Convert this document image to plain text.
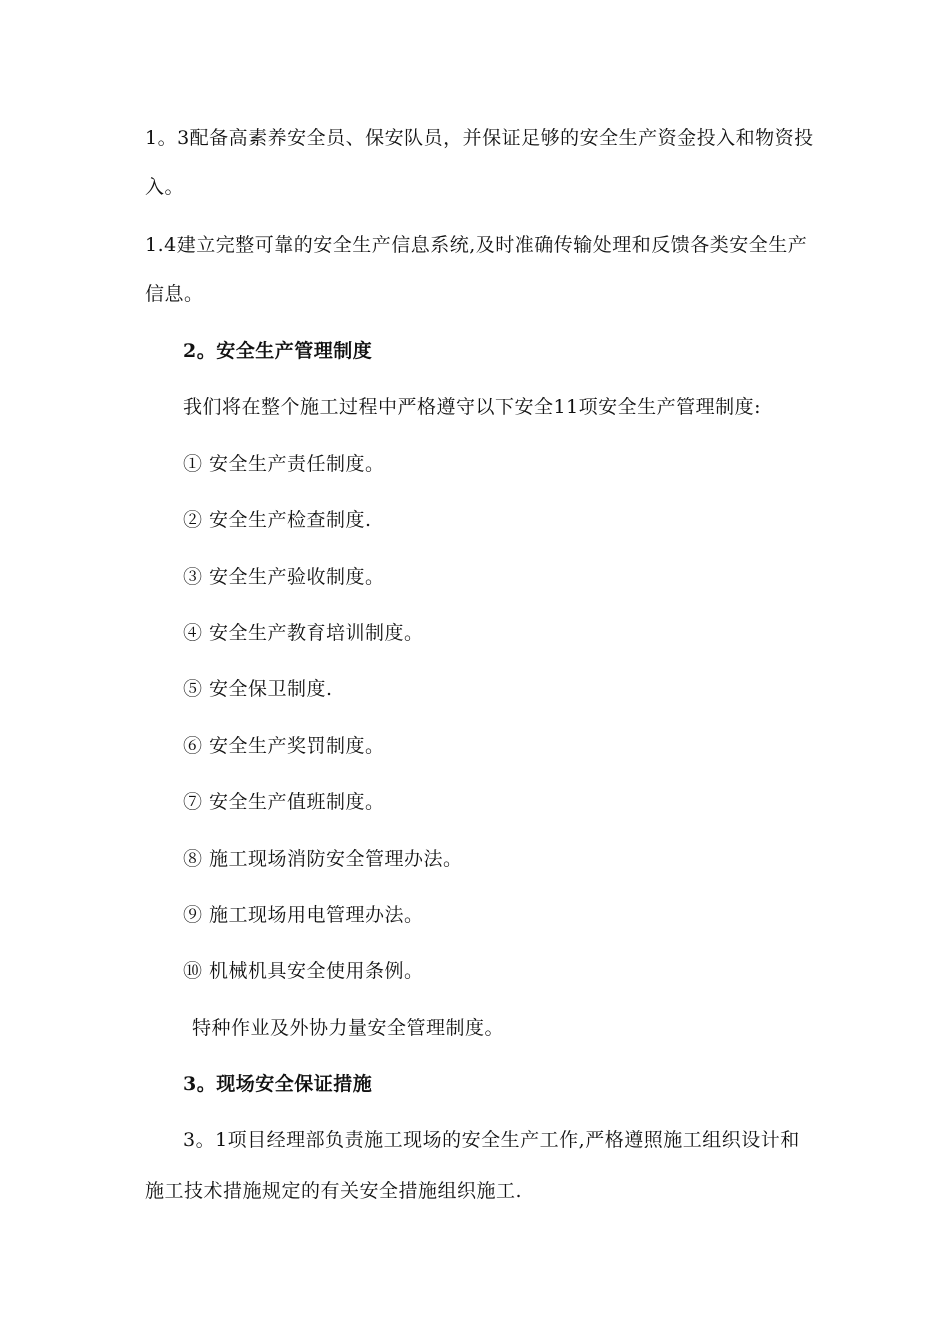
1。3配备高素养安全员、保安队员，并保证足够的安全生产资金投入和物资投
入。
1.4建立完整可靠的安全生产信息系统,及时准确传输处理和反馈各类安全生产
信息。
2。安全生产管理制度
我们将在整个施工过程中严格遵守以下安全11项安全生产管理制度:
① 安全生产责任制度。
② 安全生产检查制度.
③ 安全生产验收制度。
④ 安全生产教育培训制度。
⑤ 安全保卫制度.
⑥ 安全生产奖罚制度。
⑦ 安全生产值班制度。
⑧ 施工现场消防安全管理办法。
⑨ 施工现场用电管理办法。
⑩ 机械机具安全使用条例。
特种作业及外协力量安全管理制度。
3。现场安全保证措施
3。1项目经理部负责施工现场的安全生产工作,严格遵照施工组织设计和
施工技术措施规定的有关安全措施组织施工.
